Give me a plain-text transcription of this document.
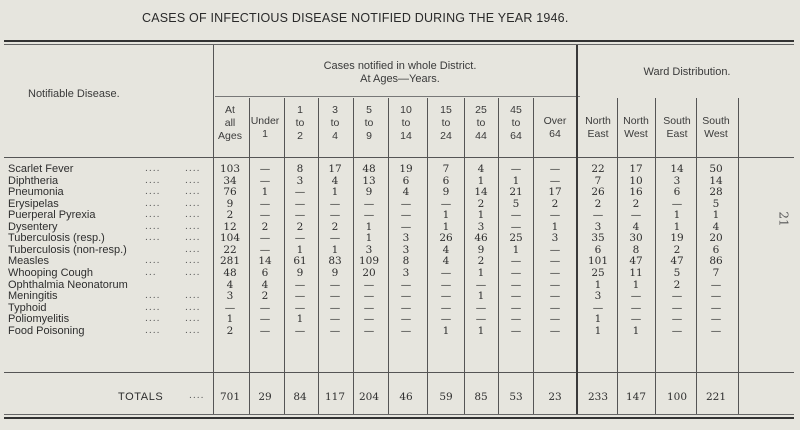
CASES OF INFECTIOUS DISEASE NOTIFIED DURING THE YEAR 1946.
21
Notifiable Disease.
Cases notified in whole District.
At Ages—Years.
Ward Distribution.
At
all
Ages
Under
1
1
to
2
3
to
4
5
to
9
10
to
14
15
to
24
25
to
44
45
to
64
Over
64
North
East
North
West
South
East
South
West
Scarlet Fever	....	....	103	—	8	17	48	19	7	4	—	—	22	17	14	50
Diphtheria	....	....	34	—	3	4	13	6	6	1	1	—	7	10	3	14
Pneumonia	....	....	76	1	—	1	9	4	9	14	21	17	26	16	6	28
Erysipelas	....	....	9	—	—	—	—	—	—	2	5	2	2	2	—	5
Puerperal Pyrexia	....	....	2	—	—	—	—	—	1	1	—	—	—	—	1	1
Dysentery	....	....	12	2	2	2	1	—	1	3	—	1	3	4	1	4
Tuberculosis (resp.)	....	....	104	—	—	—	1	3	26	46	25	3	35	30	19	20
Tuberculosis (non-resp.)	....	22	—	1	1	3	3	4	9	1	—	6	8	2	6
Measles	....	....	281	14	61	83	109	8	4	2	—	—	101	47	47	86
Whooping Cough	...	....	48	6	9	9	20	3	—	1	—	—	25	11	5	7
Ophthalmia Neonatorum	4	4	—	—	—	—	—	—	—	—	1	1	2	—
Meningitis	....	....	3	2	—	—	—	—	—	1	—	—	3	—	—	—
Typhoid	....	....	—	—	—	—	—	—	—	—	—	—	—	—	—	—
Poliomyelitis	....	....	1	—	1	—	—	—	—	—	—	—	1	—	—	—
Food Poisoning	....	....	2	—	—	—	—	—	1	1	—	—	1	1	—	—
TOTALS	....	701	29	84	117	204	46	59	85	53	23	233	147	100	221
